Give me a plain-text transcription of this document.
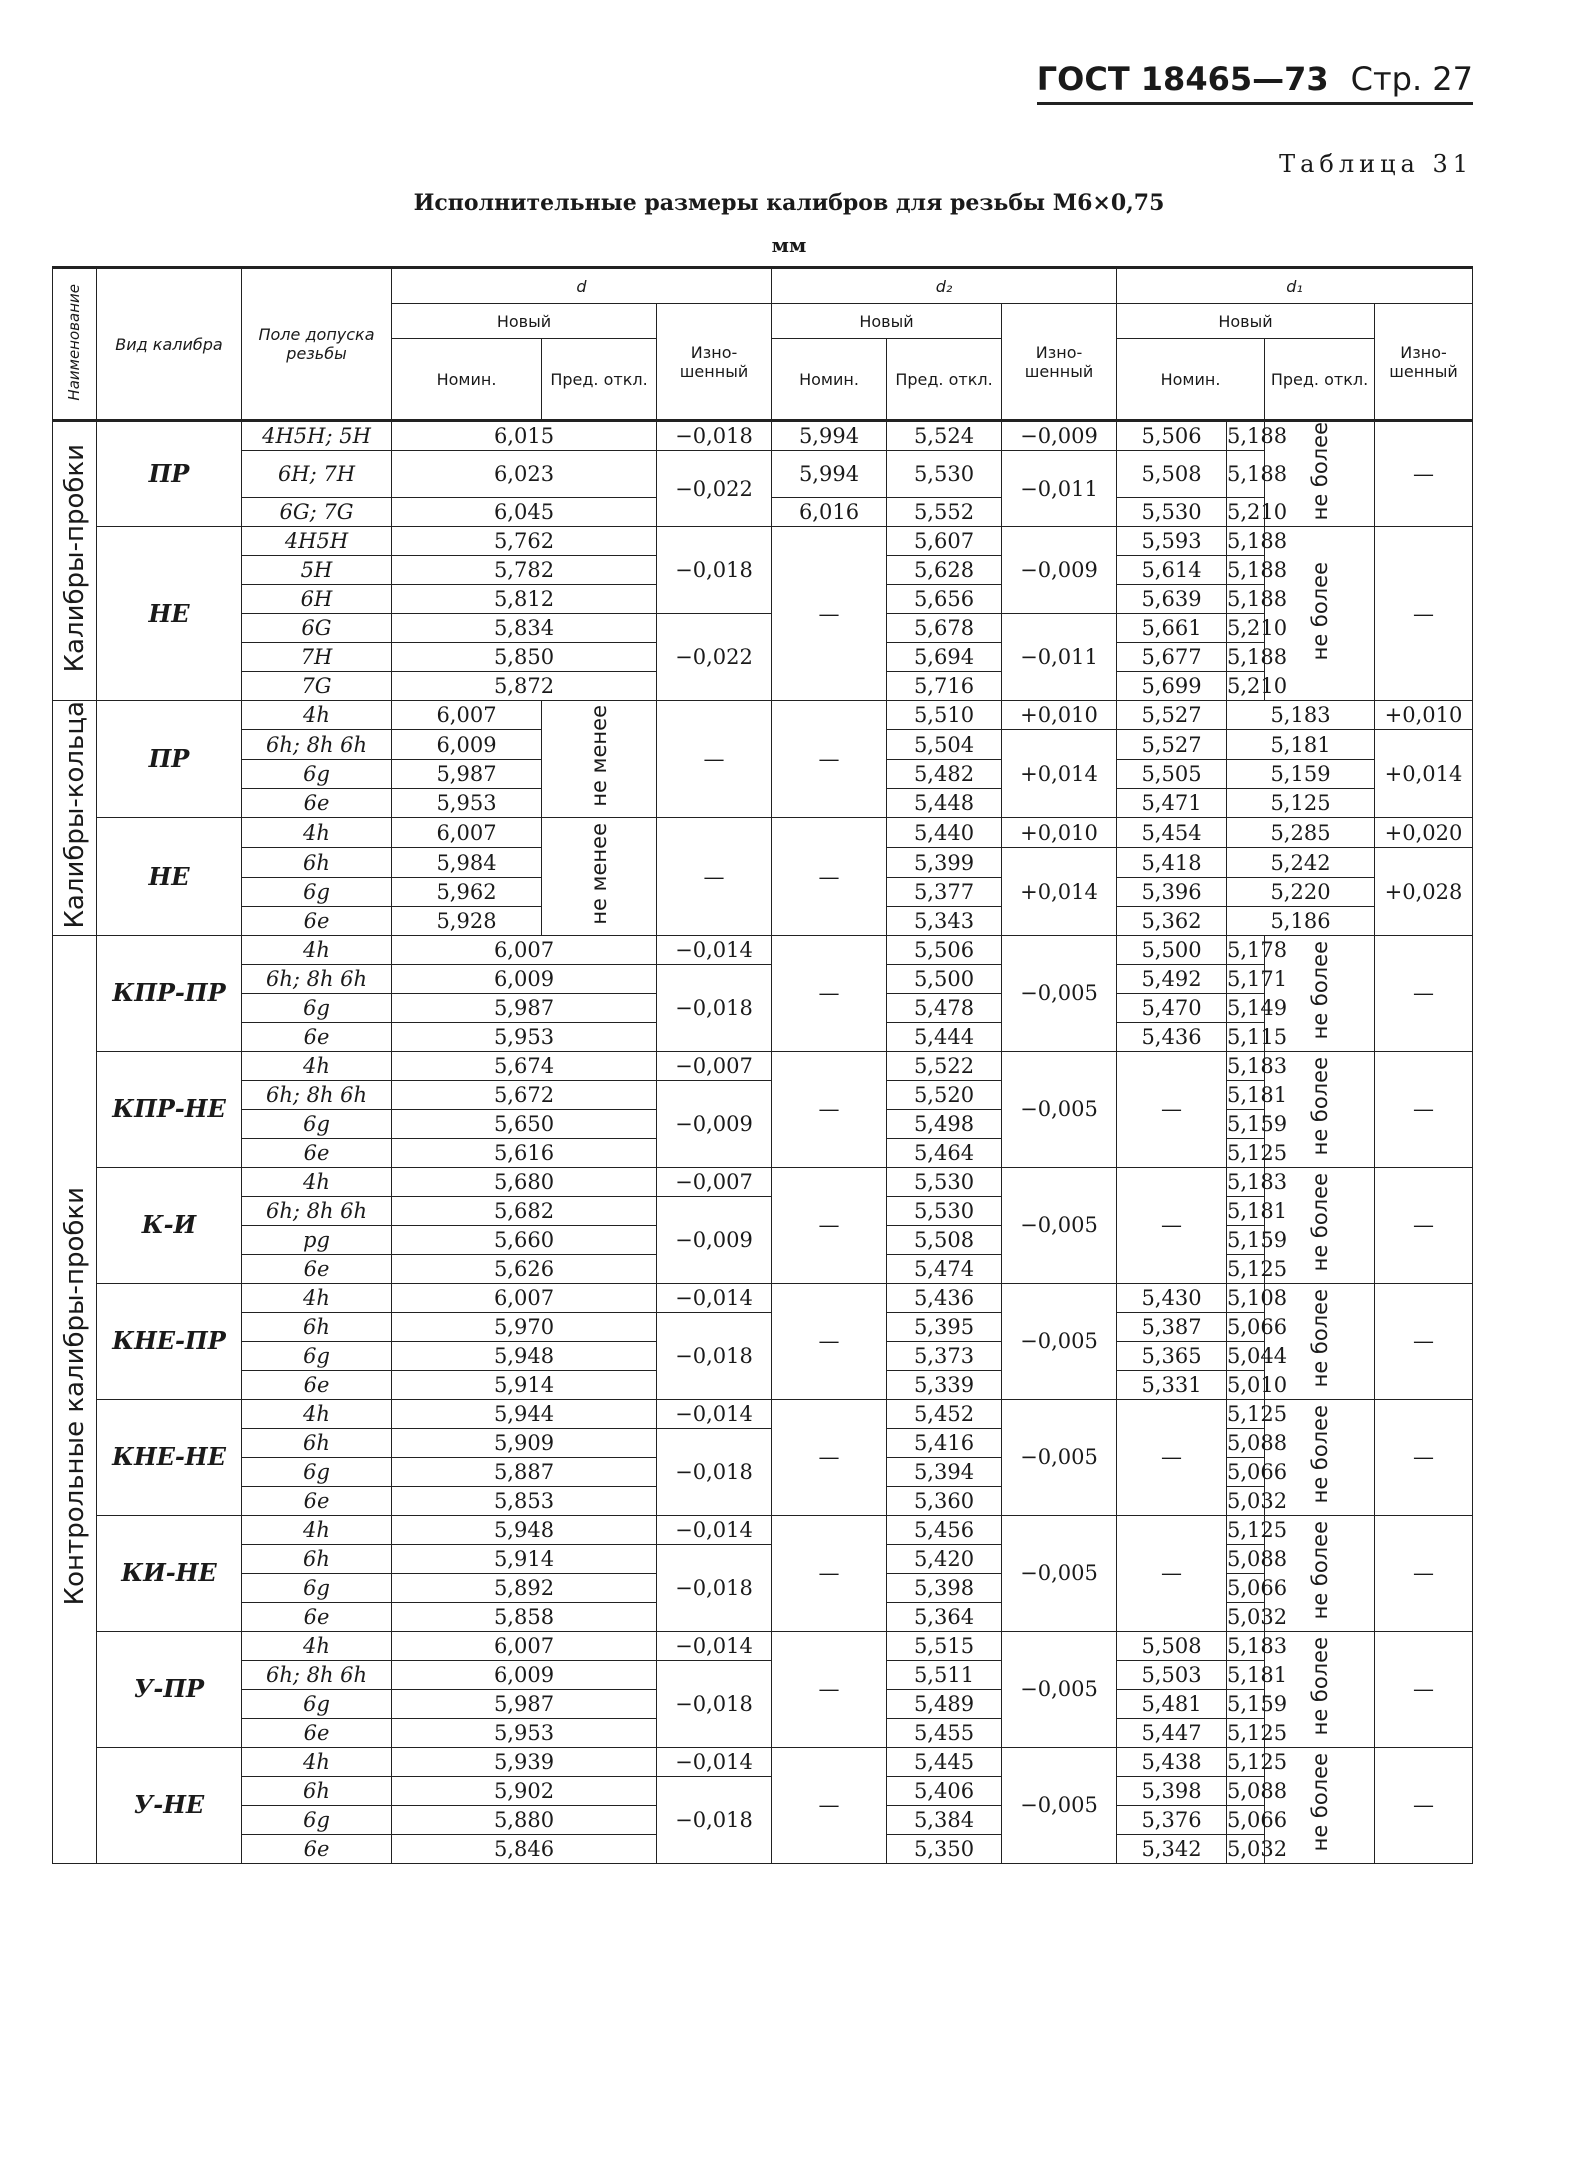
ГОСТ 18465—73 Стр. 27
Таблица 31
Исполнительные размеры калибров для резьбы М6×0,75
мм
Наименование	Вид калибра	Поле допуска резьбы	d			d₂			d₁				
			Новый		Изно-шенный	Новый		Изно-шенный	Новый			Изно-шенный	
			Номин.	Пред. откл.		Номин.	Пред. откл.		Номин.		Пред. откл.		
Калибры-пробки	ПР	4H5H; 5H	6,015		−0,018	5,994	5,524	−0,009	5,506	5,188	не более	—	
		6H; 7H	6,023		−0,022	5,994	5,530	−0,011	5,508	5,188			
		6G; 7G	6,045			6,016	5,552		5,530	5,210			
	НЕ	4H5H	5,762		−0,018	—	5,607	−0,009	5,593	5,188	не более	—	
		5H	5,782				5,628		5,614	5,188			
		6H	5,812				5,656		5,639	5,188			
		6G	5,834		−0,022		5,678	−0,011	5,661	5,210			
		7H	5,850				5,694		5,677	5,188			
		7G	5,872				5,716		5,699	5,210			
Калибры-кольца	ПР	4h	6,007	не менее	—	—	5,510	+0,010	5,527	5,183		+0,010	
		6h; 8h 6h	6,009				5,504	+0,014	5,527	5,181		+0,014	
		6g	5,987				5,482		5,505	5,159	
		6e	5,953				5,448		5,471	5,125	
	НЕ	4h	6,007	не менее	—	—	5,440	+0,010	5,454	5,285		+0,020	
		6h	5,984				5,399	+0,014	5,418	5,242		+0,028	
		6g	5,962				5,377		5,396	5,220			
		6e	5,928				5,343		5,362	5,186			
Контрольные калибры-пробки	КПР-ПР	4h	6,007		−0,014	—	5,506	−0,005	5,500	5,178	не более	—	
		6h; 8h 6h	6,009		−0,018		5,500		5,492	5,171			
		6g	5,987				5,478		5,470	5,149			
		6e	5,953				5,444		5,436	5,115			
	КПР-НЕ	4h	5,674		−0,007	—	5,522	−0,005	—	5,183	не более	—	
		6h; 8h 6h	5,672		−0,009		5,520			5,181			
		6g	5,650				5,498			5,159			
		6e	5,616				5,464			5,125			
	К-И	4h	5,680		−0,007	—	5,530	−0,005	—	5,183	не более	—	
		6h; 8h 6h	5,682		−0,009		5,530			5,181			
		pg	5,660				5,508			5,159			
		6e	5,626				5,474			5,125			
	КНЕ-ПР	4h	6,007		−0,014	—	5,436	−0,005	5,430	5,108	не более	—	
		6h	5,970		−0,018		5,395		5,387	5,066			
		6g	5,948				5,373		5,365	5,044			
		6e	5,914				5,339		5,331	5,010			
	КНЕ-НЕ	4h	5,944		−0,014	—	5,452	−0,005	—	5,125	не более	—	
		6h	5,909		−0,018		5,416			5,088			
		6g	5,887				5,394			5,066			
		6e	5,853				5,360			5,032			
	КИ-НЕ	4h	5,948		−0,014	—	5,456	−0,005	—	5,125	не более	—	
		6h	5,914		−0,018		5,420			5,088			
		6g	5,892				5,398			5,066			
		6e	5,858				5,364			5,032			
	У-ПР	4h	6,007		−0,014	—	5,515	−0,005	5,508	5,183	не более	—	
		6h; 8h 6h	6,009		−0,018		5,511		5,503	5,181			
		6g	5,987				5,489		5,481	5,159			
		6e	5,953				5,455		5,447	5,125			
	У-НЕ	4h	5,939		−0,014	—	5,445	−0,005	5,438	5,125	не более	—	
		6h	5,902		−0,018		5,406		5,398	5,088			
		6g	5,880				5,384		5,376	5,066			
		6e	5,846				5,350		5,342	5,032			
